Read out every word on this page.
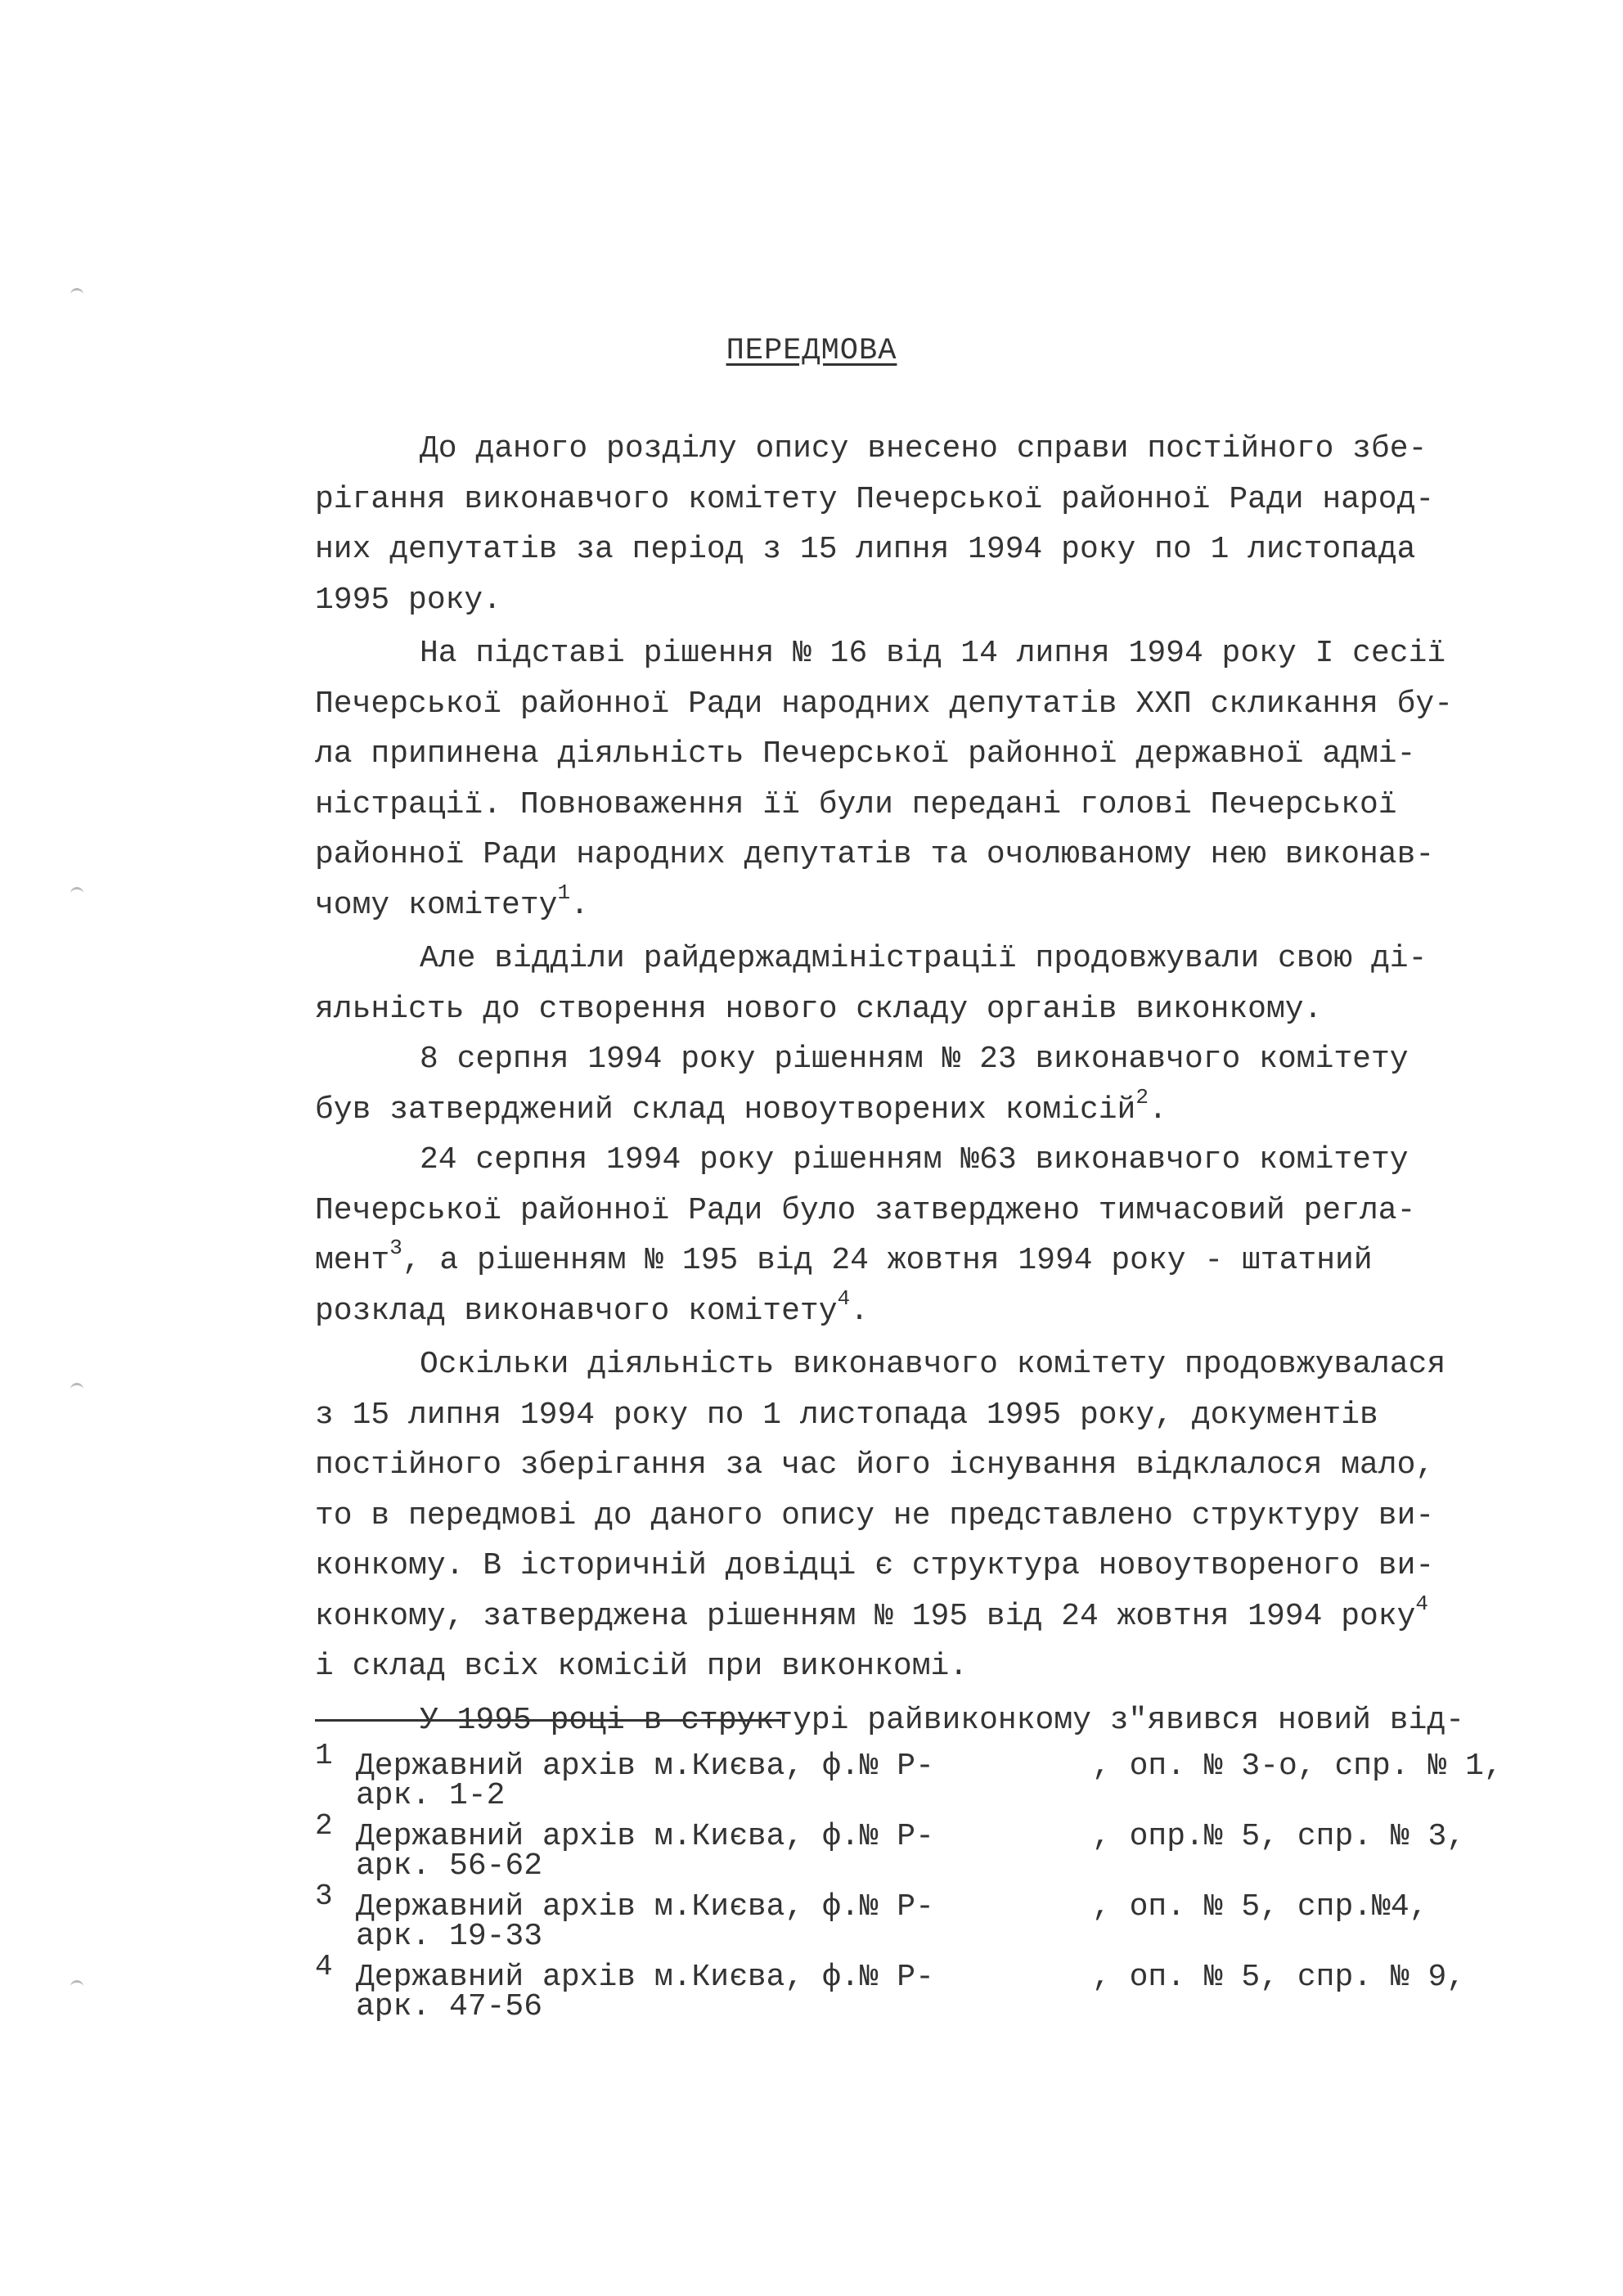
ПЕРЕДМОВА
До даного розділу опису внесено справи постійного збе-
рігання виконавчого комітету Печерської районної Ради народ-
них депутатів за період з 15 липня 1994 року по 1 листопада
1995 року.
На підставі рішення № 16 від 14 липня 1994 року І сесії
Печерської районної Ради народних депутатів ХХП скликання бу-
ла припинена діяльність Печерської районної державної адмі-
ністрації. Повноваження її були передані голові Печерської
районної Ради народних депутатів та очолюваному нею виконав-
чому комітету$^1$.
Але відділи райдержадміністрації продовжували свою ді-
яльність до створення нового складу органів виконкому.
8 серпня 1994 року рішенням № 23 виконавчого комітету
був затверджений склад новоутворених комісій$^2$.
24 серпня 1994 року рішенням №63 виконавчого комітету
Печерської районної Ради було затверджено тимчасовий регла-
мент$^3$, а рішенням № 195 від 24 жовтня 1994 року - штатний
розклад виконавчого комітету$^4$.
Оскільки діяльність виконавчого комітету продовжувалася
з 15 липня 1994 року по 1 листопада 1995 року, документів
постійного зберігання за час його існування відклалося мало,
то в передмові до даного опису не представлено структуру ви-
конкому. В історичній довідці є структура новоутвореного ви-
конкому, затверджена рішенням № 195 від 24 жовтня 1994 року$^4$
і склад всіх комісій при виконкомі.
У 1995 році в структурі райвиконкому з"явився новий від-
1 Державний архів м.Києва, ф.№ Р-	, оп. № 3-о, спр. № 1,
арк. 1-2
2 Державний архів м.Києва, ф.№ Р-	, опр.№ 5, спр. № 3,
арк. 56-62
3 Державний архів м.Києва, ф.№ Р-	, оп. № 5, спр.№4,
арк. 19-33
4 Державний архів м.Києва, ф.№ Р-	, оп. № 5, спр. № 9,
арк. 47-56
